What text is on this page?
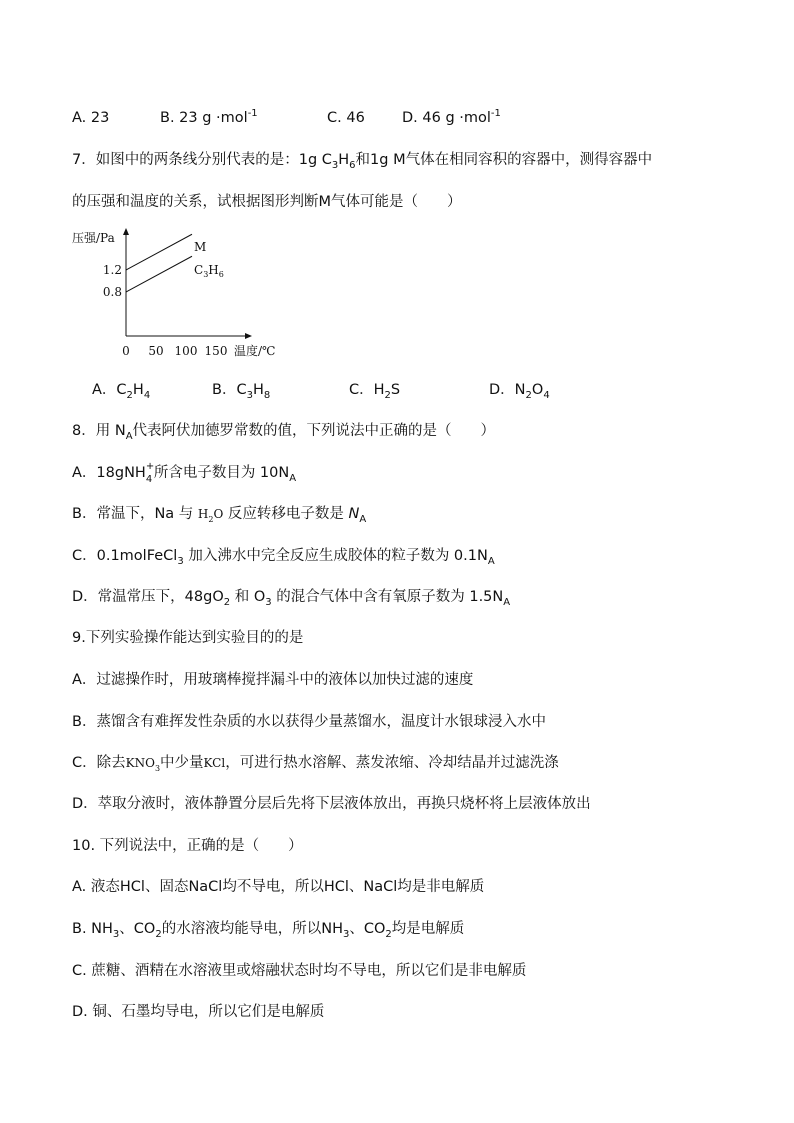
A. 23	B. 23 g ·mol$^{-1}$	C. 46	D. 46 g ·mol$^{-1}$
7．如图中的两条线分别代表的是：1g $C_3H_6$和1g M气体在相同容积的容器中，测得容器中
的压强和温度的关系，试根据图形判断M气体可能是（　　）
压强/Pa
0 50 100 150
1.2
0.8
M
$C_3H_6$
温度/℃
A．$C_2H_4$	B．$C_3H_8$	C．$H_2S$	D．$N_2O_4$
8．用 $N_A$代表阿伏加德罗常数的值，下列说法中正确的是（　　）
A．18gNH +
4 所含电子数目为 $10N_A$
B．常温下，Na 与 $H_2O$ 反应转移电子数是 $N_A$
C．0.1molFeCl$_3$ 加入沸水中完全反应生成胶体的粒子数为 $0.1N_A$
D．常温常压下，$48gO_2$ 和 $O_3$ 的混合气体中含有氧原子数为 $1.5N_A$
9.下列实验操作能达到实验目的的是
A．过滤操作时，用玻璃棒搅拌漏斗中的液体以加快过滤的速度
B．蒸馏含有难挥发性杂质的水以获得少量蒸馏水，温度计水银球浸入水中
C．除去$KNO_3$中少量KCl，可进行热水溶解、蒸发浓缩、冷却结晶并过滤洗涤
D．萃取分液时，液体静置分层后先将下层液体放出，再换只烧杯将上层液体放出
10. 下列说法中，正确的是（　　）
A. 液态HCl、固态NaCl均不导电，所以HCl、NaCl均是非电解质
B. $NH_3$、$CO_2$的水溶液均能导电，所以$NH_3$、$CO_2$均是电解质
C. 蔗糖、酒精在水溶液里或熔融状态时均不导电，所以它们是非电解质
D. 铜、石墨均导电，所以它们是电解质
